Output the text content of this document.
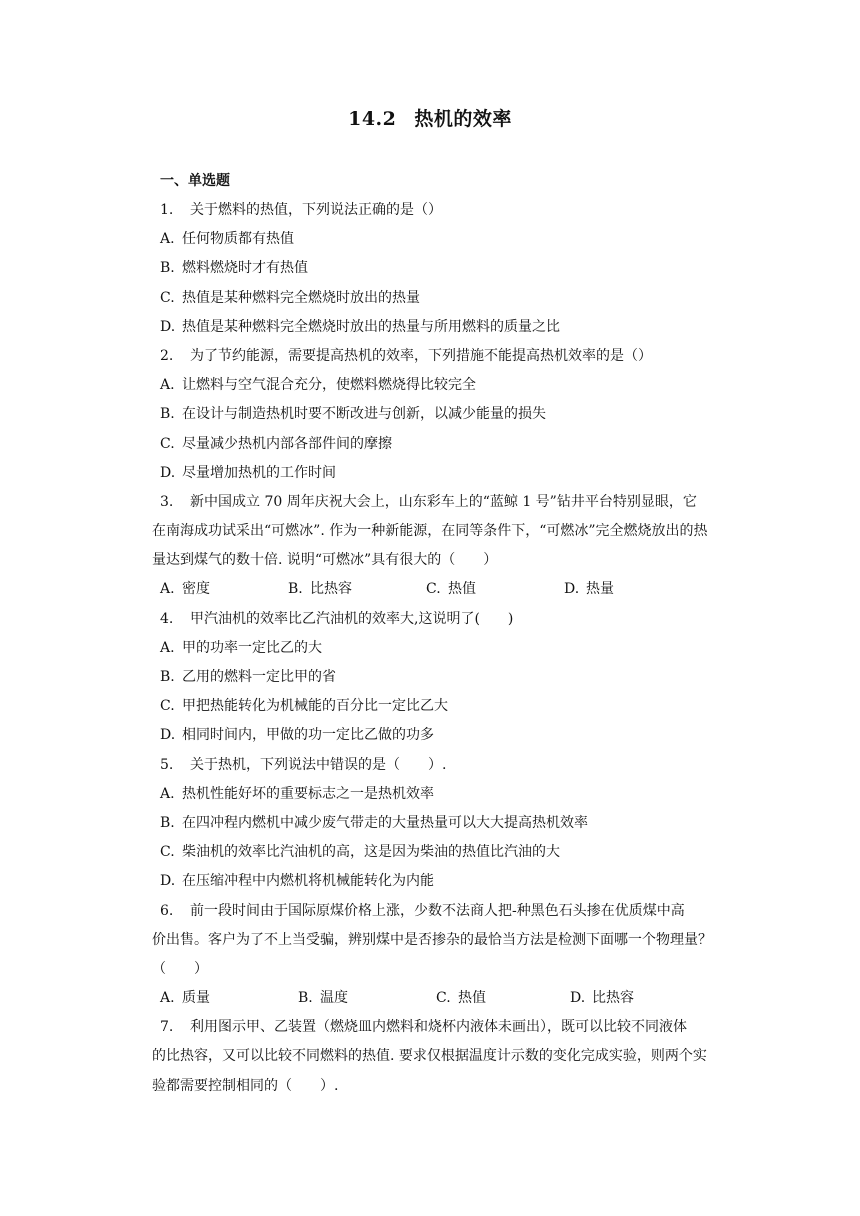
14.2 热机的效率
一、单选题
1. 关于燃料的热值，下列说法正确的是（）
A. 任何物质都有热值
B. 燃料燃烧时才有热值
C. 热值是某种燃料完全燃烧时放出的热量
D. 热值是某种燃料完全燃烧时放出的热量与所用燃料的质量之比
2. 为了节约能源，需要提高热机的效率，下列措施不能提高热机效率的是（）
A. 让燃料与空气混合充分，使燃料燃烧得比较完全
B. 在设计与制造热机时要不断改进与创新，以减少能量的损失
C. 尽量减少热机内部各部件间的摩擦
D. 尽量增加热机的工作时间
3. 新中国成立 70 周年庆祝大会上，山东彩车上的“蓝鲸 1 号”钻井平台特别显眼，它
在南海成功试采出“可燃冰”. 作为一种新能源，在同等条件下，“可燃冰”完全燃烧放出的热
量达到煤气的数十倍. 说明“可燃冰”具有很大的（　　）
A. 密度	B. 比热容	C. 热值	D. 热量
4. 甲汽油机的效率比乙汽油机的效率大,这说明了(　　)
A. 甲的功率一定比乙的大
B. 乙用的燃料一定比甲的省
C. 甲把热能转化为机械能的百分比一定比乙大
D. 相同时间内，甲做的功一定比乙做的功多
5. 关于热机，下列说法中错误的是（　　）.
A. 热机性能好坏的重要标志之一是热机效率
B. 在四冲程内燃机中减少废气带走的大量热量可以大大提高热机效率
C. 柴油机的效率比汽油机的高，这是因为柴油的热值比汽油的大
D. 在压缩冲程中内燃机将机械能转化为内能
6. 前一段时间由于国际原煤价格上涨，少数不法商人把-种黑色石头掺在优质煤中高
价出售。客户为了不上当受骗，辨别煤中是否掺杂的最恰当方法是检测下面哪一个物理量？
（　　）
A. 质量	B. 温度	C. 热值	D. 比热容
7. 利用图示甲、乙装置（燃烧皿内燃料和烧杯内液体未画出），既可以比较不同液体
的比热容，又可以比较不同燃料的热值. 要求仅根据温度计示数的变化完成实验，则两个实
验都需要控制相同的（　　）.
